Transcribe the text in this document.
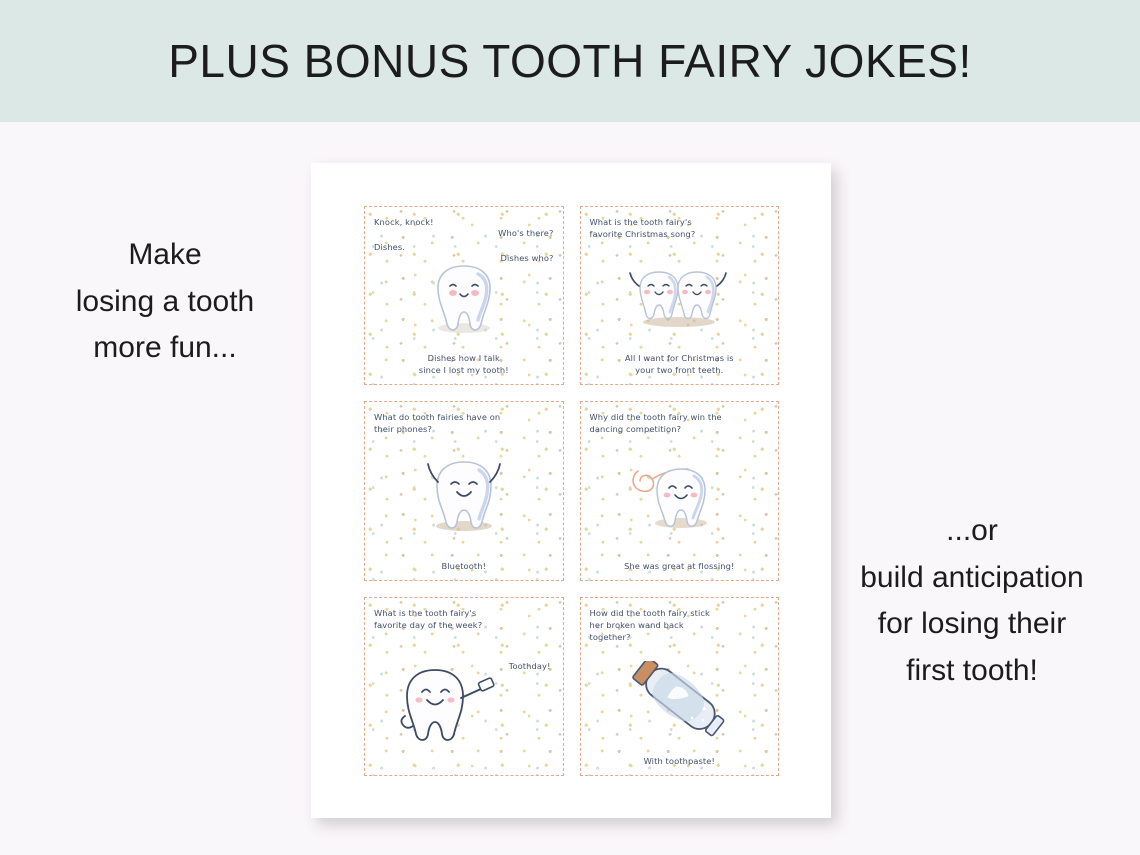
PLUS BONUS TOOTH FAIRY JOKES!
Make
losing a tooth
more fun...
...or
build anticipation
for losing their
first tooth!
Knock, knock!
Who's there?
Dishes.
Dishes who?
Dishes how I talk
since I lost my tooth!
What is the tooth fairy's
favorite Christmas song?
All I want for Christmas is
your two front teeth.
What do tooth fairies have on
their phones?
Bluetooth!
Why did the tooth fairy win the
dancing competition?
She was great at flossing!
What is the tooth fairy's
favorite day of the week?
Toothday!
How did the tooth fairy stick
her broken wand back
together?
With toothpaste!
